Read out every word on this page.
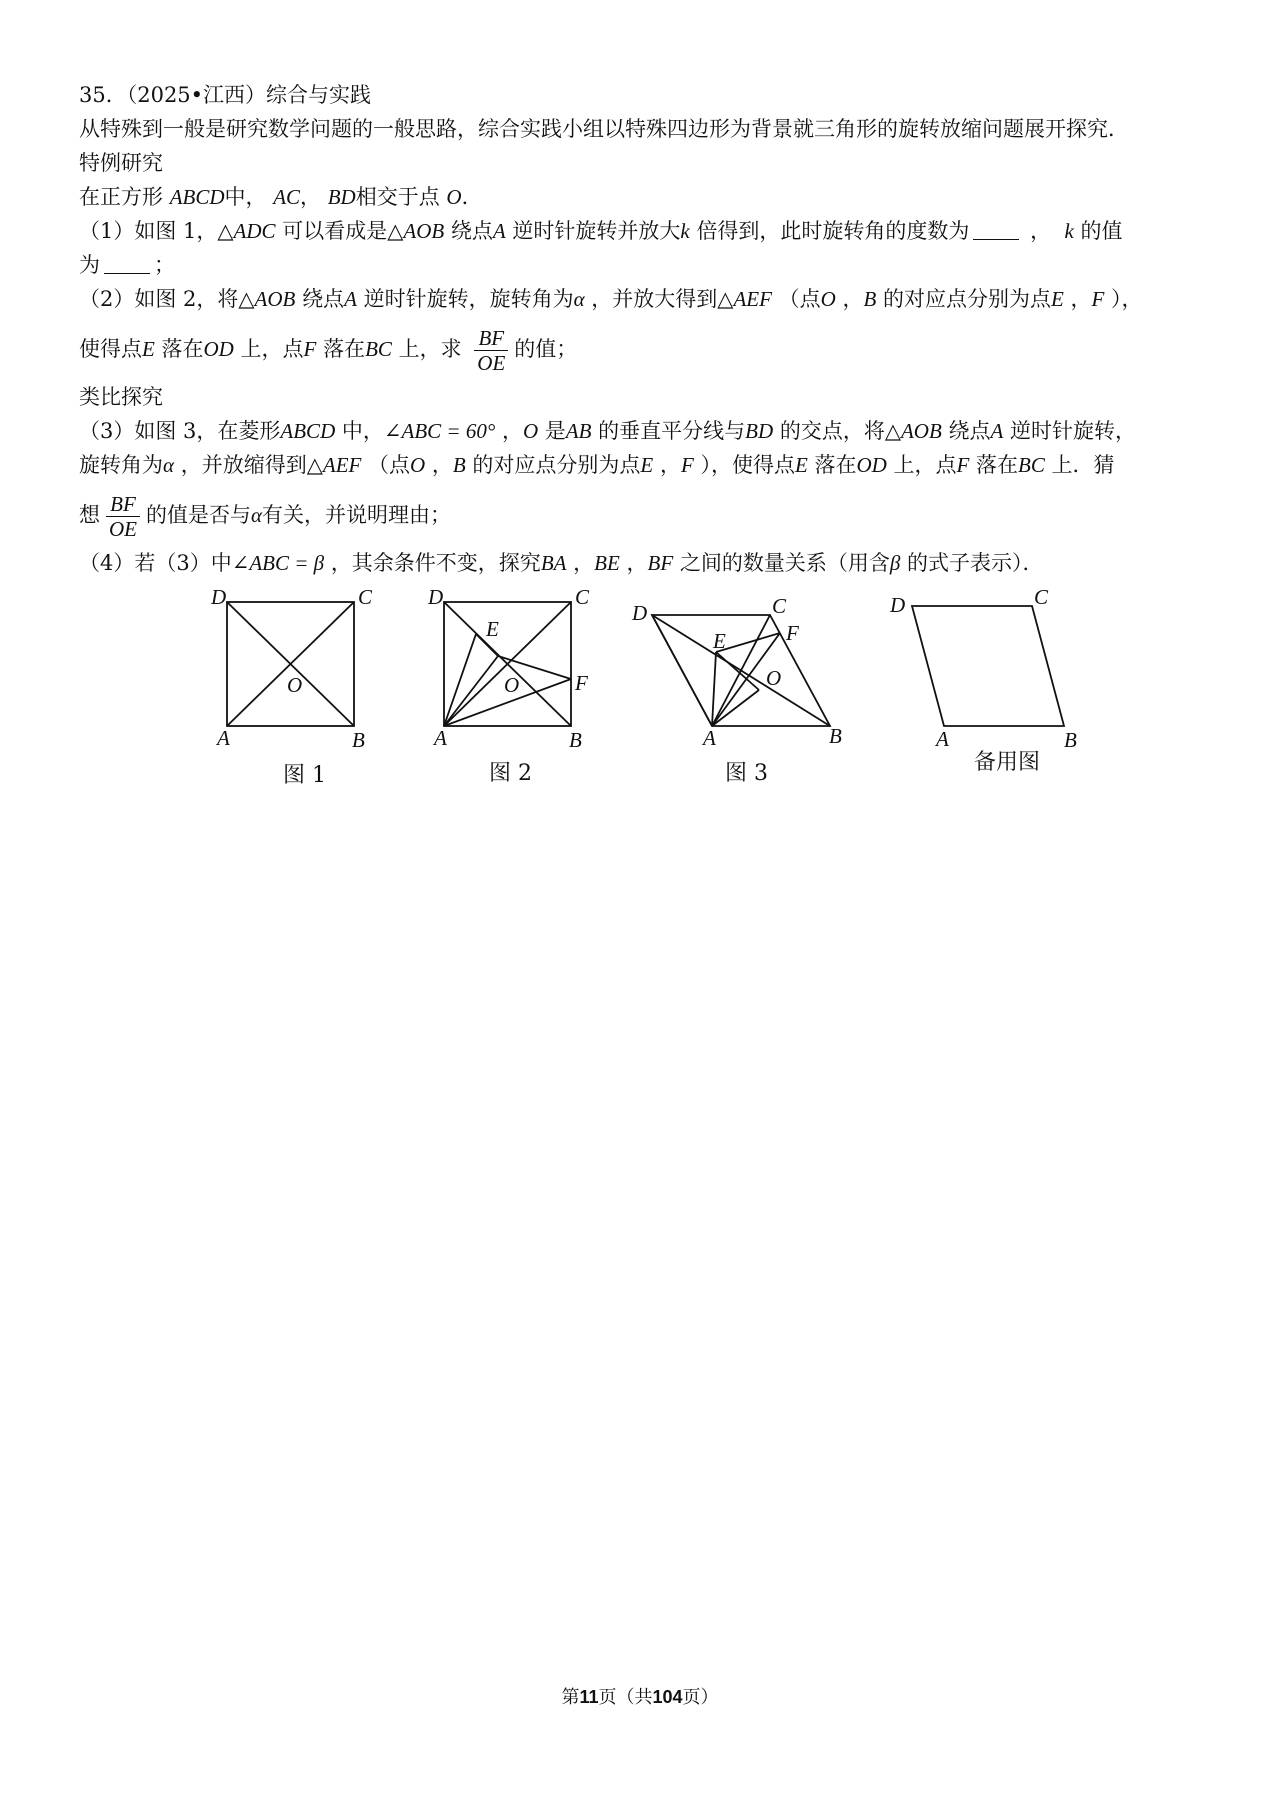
35．（2025•江西）综合与实践
从特殊到一般是研究数学问题的一般思路，综合实践小组以特殊四边形为背景就三角形的旋转放缩问题展开探究．
特例研究
在正方形 ABCD中， AC， BD相交于点 O．
（1）如图 1，△ADC 可以看成是△AOB 绕点A 逆时针旋转并放大k 倍得到，此时旋转角的度数为	， k 的值
为	；
（2）如图 2，将△AOB 绕点A 逆时针旋转，旋转角为α ，并放大得到△AEF （点O ，B 的对应点分别为点E ，F ），
使得点E 落在OD 上，点F 落在BC 上，求 $\frac{BF}{OE}$ 的值；
类比探究
（3）如图 3，在菱形ABCD 中，∠ABC = 60° ，O 是AB 的垂直平分线与BD 的交点，将△AOB 绕点A 逆时针旋转，
旋转角为α ，并放缩得到△AEF （点O ，B 的对应点分别为点E ，F ），使得点E 落在OD 上，点F 落在BC 上．猜
想 $\frac{BF}{OE}$ 的值是否与α有关，并说明理由；
（4）若（3）中∠ABC = β ，其余条件不变，探究BA ，BE ，BF 之间的数量关系（用含β 的式子表示）．
D	C
A	B
O
D	C
A	B
E
F
O
D	C
A	B
E	F
O
D	C
A	B
图 1	图 2	图 3	备用图
第11页（共104页）
